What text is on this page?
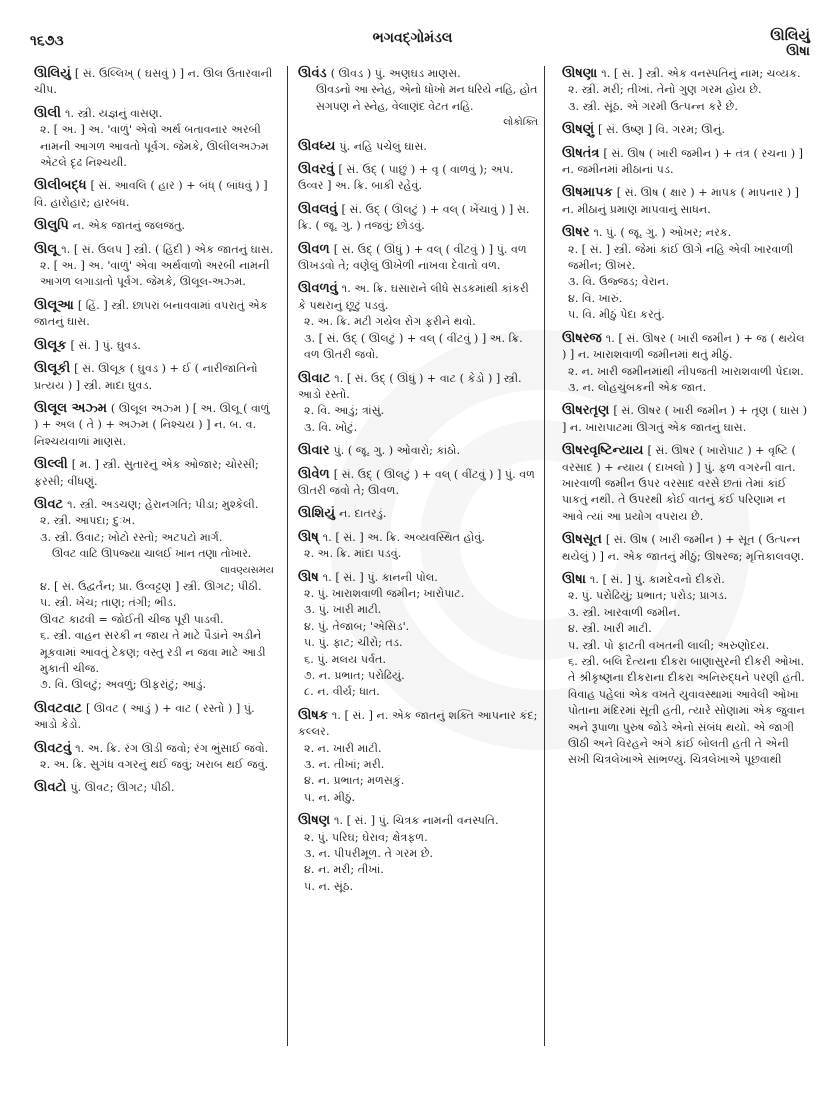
૧૬૭૩	ભગવદ્ગોમંડલ	ઊલિયું
ઊષા
ઊલિયું [ સં. ઉલ્લિખ્ ( ઘસવું ) ] ન. ઊલ ઉતારવાની ચીપ.
ઊલી ૧. સ્ત્રી. યજ્ઞનું વાસણ.
૨. [ અ. ] અ. 'વાળું' એવો અર્થ બતાવનાર અરબી નામની આગળ આવતો પૂર્વગ. જેમકે, ઊલીલઅઝ્મ એટલે દૃઢ નિશ્ચયી.
ઊલીબદ્ધ [ સં. આવલિ ( હાર ) + બંધ્ ( બાંધવું ) ] વિ. હારોહાર; હારબંધ.
ઊલુપિ ન. એક જાતનું જલજંતુ.
ઊલૂ ૧. [ સં. ઉલપ ] સ્ત્રી. ( હિંદી ) એક જાતનું ઘાસ.
૨. [ અ. ] અ. 'વાળું' એવા અર્થવાળો અરબી નામની આગળ લગાડાતો પૂર્વગ. જેમકે, ઊલૂલ-અઝ્મ.
ઊલૂઆ [ હિં. ] સ્ત્રી. છાપરાં બનાવવામાં વપરાતું એક જાતનું ઘાસ.
ઊલૂક [ સં. ] પું. ઘુવડ.
ઊલૂકી [ સં. ઊલૂક ( ઘુવડ ) + ઈ ( નારીજાતિનો પ્રત્યય ) ] સ્ત્રી. માદા ઘુવડ.
ઊલૂલ અઝ્મ ( ઊલૂલ અઝ્મ ) [ અ. ઊલૂ ( વાળું ) + અલ ( તે ) + અઝ્મ ( નિશ્ચય ) ] ન. બ. વ. નિશ્ચયવાળાં માણસ.
ઊલ્લી [ મ. ] સ્ત્રી. સુતારનું એક ઓજાર; ચોરસી; ફરસી; વીંધણું.
ઊવટ ૧. સ્ત્રી. અડચણ; હેરાનગતિ; પીડા; મુશ્કેલી.
૨. સ્ત્રી. આપદા; દુઃખ.
૩. સ્ત્રી. ઉવાટ; ખોટો રસ્તો; અટપટો માર્ગ.
ઊવટ વાટિ ઊપજ્યા ચાલઈ ખાન તણા તોખાર.
લાવણ્યસમય
૪. [ સં. ઉદ્વર્તન; પ્રા. ઉવ્વટ્ટણ ] સ્ત્રી. ઊગટ; પીઠી.
૫. સ્ત્રી. ખેંચ; તાણ; તંગી; ભીડ.
ઊવટ કાઢવી = જોઈતી ચીજ પૂરી પાડવી.
૬. સ્ત્રી. વાહન સરકી ન જાય તે માટે પૈડાંને અડીને મૂકવામાં આવતું ટેકણ; વસ્તુ રડી ન જવા માટે આડી મુકાતી ચીજ.
૭. વિ. ઊલટું; અવળું; ઊફરાંટું; આડું.
ઊવટવાટ [ ઊવટ ( આડું ) + વાટ ( રસ્તો ) ] પું. આડો કેડો.
ઊવટવું ૧. અ. ક્રિ. રંગ ઊડી જવો; રંગ ભુંસાઈ જવો.
૨. અ. ક્રિ. સુગંધ વગરનું થઈ જવું; ખરાબ થઈ જવું.
ઊવટો પું. ઊવટ; ઊગટ; પીઠી.
ઊવંડ ( ઊવડ ) પું. અણઘડ માણસ.
ઊવડનો આ સ્નેહ, એનો ધોખો મન ધરિયે નહિ, હોત સગપણ ને સ્નેહ, વેલાણંદ વેટત નહિ.
લોકોક્તિ
ઊવધ્ય પું. નહિ પચેલું ઘાસ.
ઊવરવું [ સં. ઉદ્ ( પાછું ) + વૃ ( વાળવું ); અપ. ઉવ્વર ] અ. ક્રિ. બાકી રહેવું.
ઊવલવું [ સં. ઉદ્ ( ઊલટું ) + વલ્ ( ખેંચાવું ) ] સ. ક્રિ. ( જૂ. ગુ. ) તજવું; છોડવું.
ઊવળ [ સં. ઉદ્ ( ઊંધું ) + વલ્ ( વીંટવું ) ] પું. વળ ઊખડવો તે; વણેલું ઊખેળી નાખવા દેવાતો વળ.
ઊવળવું ૧. અ. ક્રિ. ઘસારાને લીધે સડકમાંથી કાંકરી કે પથરાનું છૂટું પડવું.
૨. અ. ક્રિ. મટી ગયેલ રોગ ફરીને થવો.
૩. [ સં. ઉદ્ ( ઊલટું ) + વલ્ ( વીંટવું ) ] અ. ક્રિ. વળ ઊતરી જવો.
ઊવાટ ૧. [ સં. ઉદ્ ( ઊંધું ) + વાટ ( કેડો ) ] સ્ત્રી. આડો રસ્તો.
૨. વિ. આડું; ત્રાંસું.
૩. વિ. ખોટું.
ઊવાર પું. ( જૂ. ગુ. ) ઓવારો; કાંઠો.
ઊવેળ [ સં. ઉદ્ ( ઊલટું ) + વલ્ ( વીંટવું ) ] પું. વળ ઊતરી જવો તે; ઊવળ.
ઊશિયું ન. દાતરડું.
ઊષ્ ૧. [ સં. ] અ. ક્રિ. અવ્યવસ્થિત હોવું.
૨. અ. ક્રિ. માંદા પડવું.
ઊષ ૧. [ સં. ] પું. કાનની પોલ.
૨. પું. ખારાશવાળી જમીન; ખારોપાટ.
૩. પું. ખારી માટી.
૪. પું. તેજાબ; 'એસિડ'.
૫. પું. ફાટ; ચીરો; તડ.
૬. પું. મલય પર્વત.
૭. ન. પ્રભાત; પરોઢિયું.
૮. ન. વીર્ય; ધાત.
ઊષક ૧. [ સં. ] ન. એક જાતનું શક્તિ આપનાર કંદ; કલ્લર.
૨. ન. ખારી માટી.
૩. ન. તીખાં; મરી.
૪. ન. પ્રભાત; મળસકું.
૫. ન. મીઠું.
ઊષણ ૧. [ સં. ] પું. ચિત્રક નામની વનસ્પતિ.
૨. પું. પરિઘ; ઘેરાવ; ક્ષેત્રફળ.
૩. ન. પીપરીમૂળ. તે ગરમ છે.
૪. ન. મરી; તીખાં.
૫. ન. સૂંઠ.
ઊષણા ૧. [ સં. ] સ્ત્રી. એક વનસ્પતિનું નામ; ચવ્યક.
૨. સ્ત્રી. મરી; તીખાં. તેનો ગુણ ગરમ હોય છે.
૩. સ્ત્રી. સૂંઠ. એ ગરમી ઉત્પન્ન કરે છે.
ઊષણું [ સં. ઉષ્ણ ] વિ. ગરમ; ઊનું.
ઊષતંત્ર [ સં. ઊષ ( ખારી જમીન ) + તંત્ર ( રચના ) ] ન. જમીનમાં મીઠાનાં પડ.
ઊષમાપક [ સં. ઊષ ( ક્ષાર ) + માપક ( માપનાર ) ] ન. મીઠાનું પ્રમાણ માપવાનું સાધન.
ઊષર ૧. પું. ( જૂ. ગુ. ) ઓખર; નરક.
૨. [ સં. ] સ્ત્રી. જેમાં કાંઈ ઊગે નહિ એવી ખારવાળી જમીન; ઊખર.
૩. વિ. ઉજ્જડ; વેરાન.
૪. વિ. ખારું.
૫. વિ. મીઠું પેદા કરતું.
ઊષરજ ૧. [ સં. ઊષર ( ખારી જમીન ) + જ ( થયેલ ) ] ન. ખારાશવાળી જમીનમાં થતું મીઠું.
૨. ન. ખારી જમીનમાંથી નીપજતી ખારાશવાળી પેદાશ.
૩. ન. લોહચુંબકની એક જાત.
ઊષરતૃણ [ સં. ઊષર ( ખારી જમીન ) + તૃણ ( ઘાસ ) ] ન. ખારાપાટમાં ઊગતું એક જાતનું ઘાસ.
ઊષરવૃષ્ટિન્યાય [ સં. ઊષર ( ખારોપાટ ) + વૃષ્ટિ ( વરસાદ ) + ન્યાય ( દાખલો ) ] પું. ફળ વગરની વાત. ખારવાળી જમીન ઉપર વરસાદ વરસે છતાં તેમાં કાંઈ પાકતું નથી. તે ઉપરથી કોઈ વાતનું કંઈ પરિણામ ન આવે ત્યાં આ પ્રયોગ વપરાય છે.
ઊષસૂત [ સં. ઊષ ( ખારી જમીન ) + સૂત ( ઉત્પન્ન થયેલું ) ] ન. એક જાતનું મીઠું; ઊષરજ; મૃત્તિકાલવણ.
ઊષા ૧. [ સં. ] પું. કામદેવનો દીકરો.
૨. પું. પરોઢિયું; પ્રભાત; પરોડ; પ્રાગડ.
૩. સ્ત્રી. ખારવાળી જમીન.
૪. સ્ત્રી. ખારી માટી.
૫. સ્ત્રી. પો ફાટતી વખતની લાલી; અરુણોદય.
૬. સ્ત્રી. બલિ દૈત્યના દીકરા બાણાસુરની દીકરી ઓખા. તે શ્રીકૃષ્ણના દીકરાના દીકરા અનિરુદ્ધને પરણી હતી. વિવાહ પહેલાં એક વખતે યુવાવસ્થામાં આવેલી ઓખા પોતાના મંદિરમાં સૂતી હતી, ત્યારે સોણામાં એક જુવાન અને રૂપાળા પુરુષ જોડે એનો સંબંધ થયો. એ જાગી ઊઠી અને વિરહને અંગે કાંઈ બોલતી હતી તે એની સખી ચિત્રલેખાએ સાંભળ્યું. ચિત્રલેખાએ પૂછવાથી
